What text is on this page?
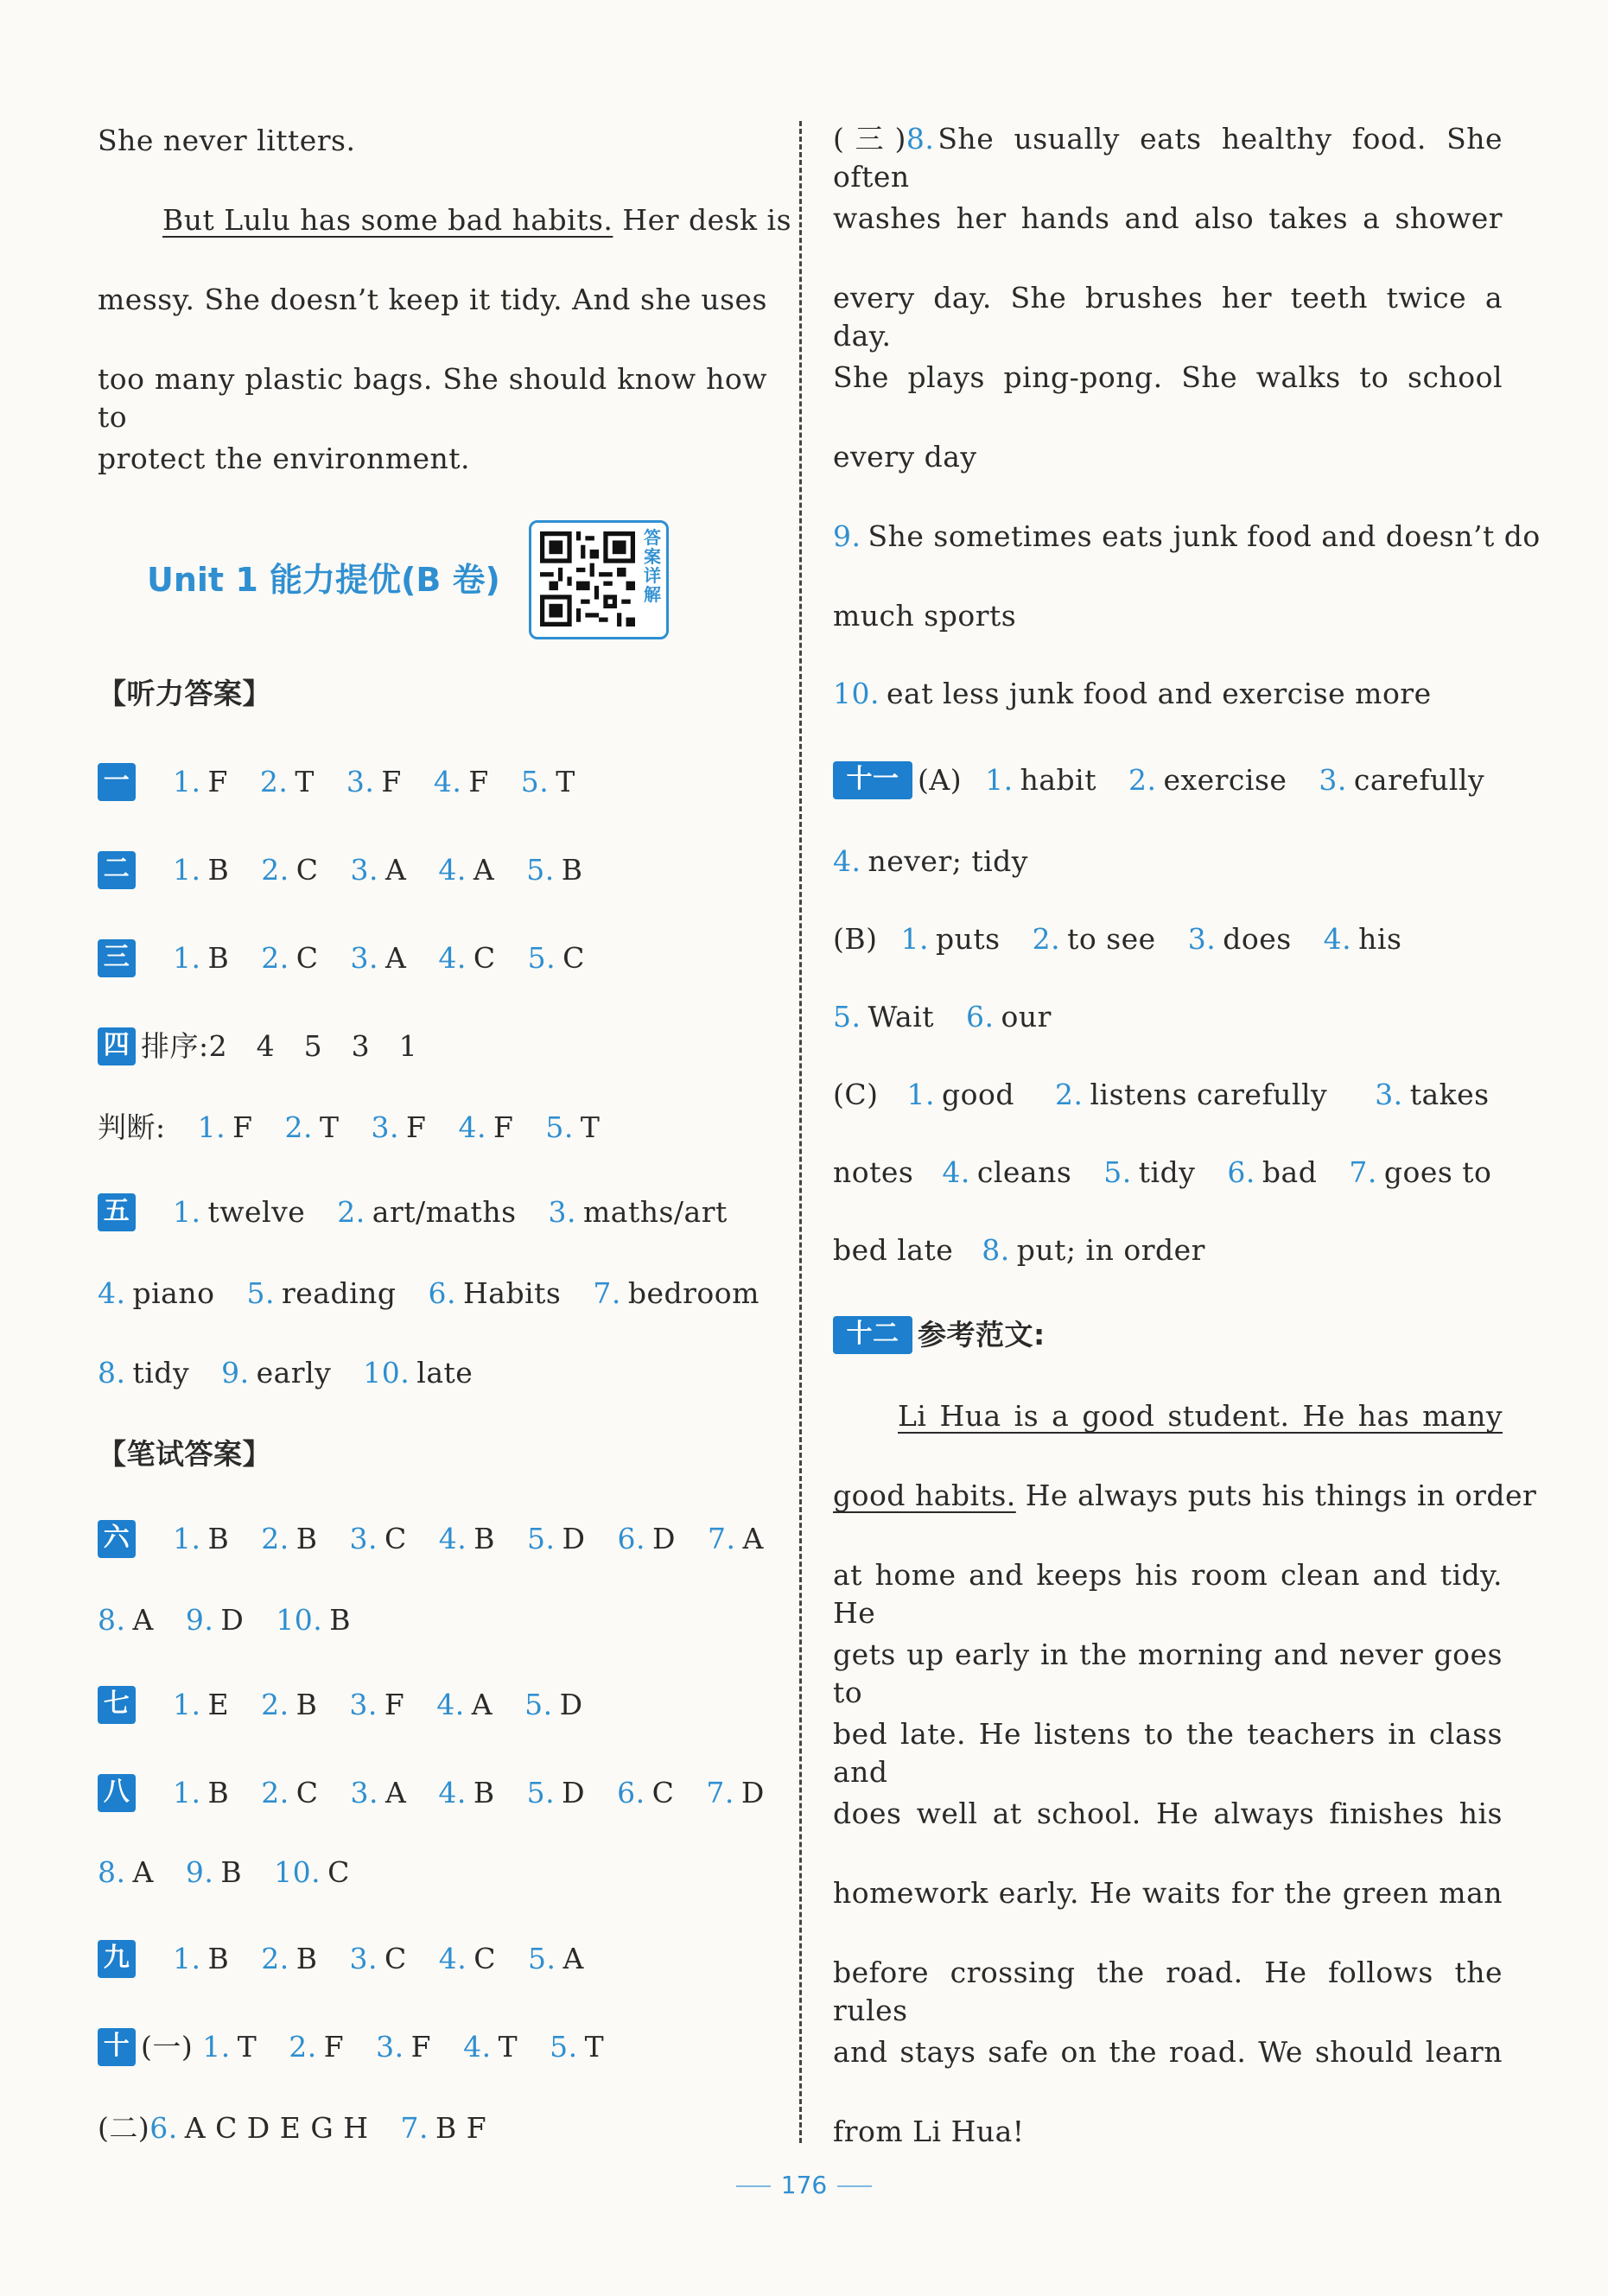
She never litters.
But Lulu has some bad habits. Her desk is
messy. She doesn’t keep it tidy. And she uses
too many plastic bags. She should know how to
protect the environment.
Unit 1 能力提优(B 卷)
答案详解
【听力答案】
一 1. F 2. T 3. F 4. F 5. T
二 1. B 2. C 3. A 4. A 5. B
三 1. B 2. C 3. A 4. C 5. C
四 排序:2　4　5　3　1
判断: 1. F 2. T 3. F 4. F 5. T
五 1. twelve 2. art/maths 3. maths/art
4. piano 5. reading 6. Habits 7. bedroom
8. tidy 9. early 10. late
【笔试答案】
六 1. B 2. B 3. C 4. B 5. D 6. D 7. A
8. A 9. D 10. B
七 1. E 2. B 3. F 4. A 5. D
八 1. B 2. C 3. A 4. B 5. D 6. C 7. D
8. A 9. B 10. C
九 1. B 2. B 3. C 4. C 5. A
十 (一) 1. T 2. F 3. F 4. T 5. T
(二)6. A C D E G H 7. B F
(三)8. She usually eats healthy food. She often
washes her hands and also takes a shower
every day. She brushes her teeth twice a day.
She plays ping-pong. She walks to school
every day
9. She sometimes eats junk food and doesn’t do
much sports
10. eat less junk food and exercise more
十一 (A) 1. habit 2. exercise 3. carefully
4. never; tidy
(B) 1. puts 2. to see 3. does 4. his
5. Wait 6. our
(C) 1. good 2. listens carefully 3. takes
notes 4. cleans 5. tidy 6. bad 7. goes to
bed late 8. put; in order
十二 参考范文:
Li Hua is a good student. He has many
good habits. He always puts his things in order
at home and keeps his room clean and tidy. He
gets up early in the morning and never goes to
bed late. He listens to the teachers in class and
does well at school. He always finishes his
homework early. He waits for the green man
before crossing the road. He follows the rules
and stays safe on the road. We should learn
from Li Hua!
176
